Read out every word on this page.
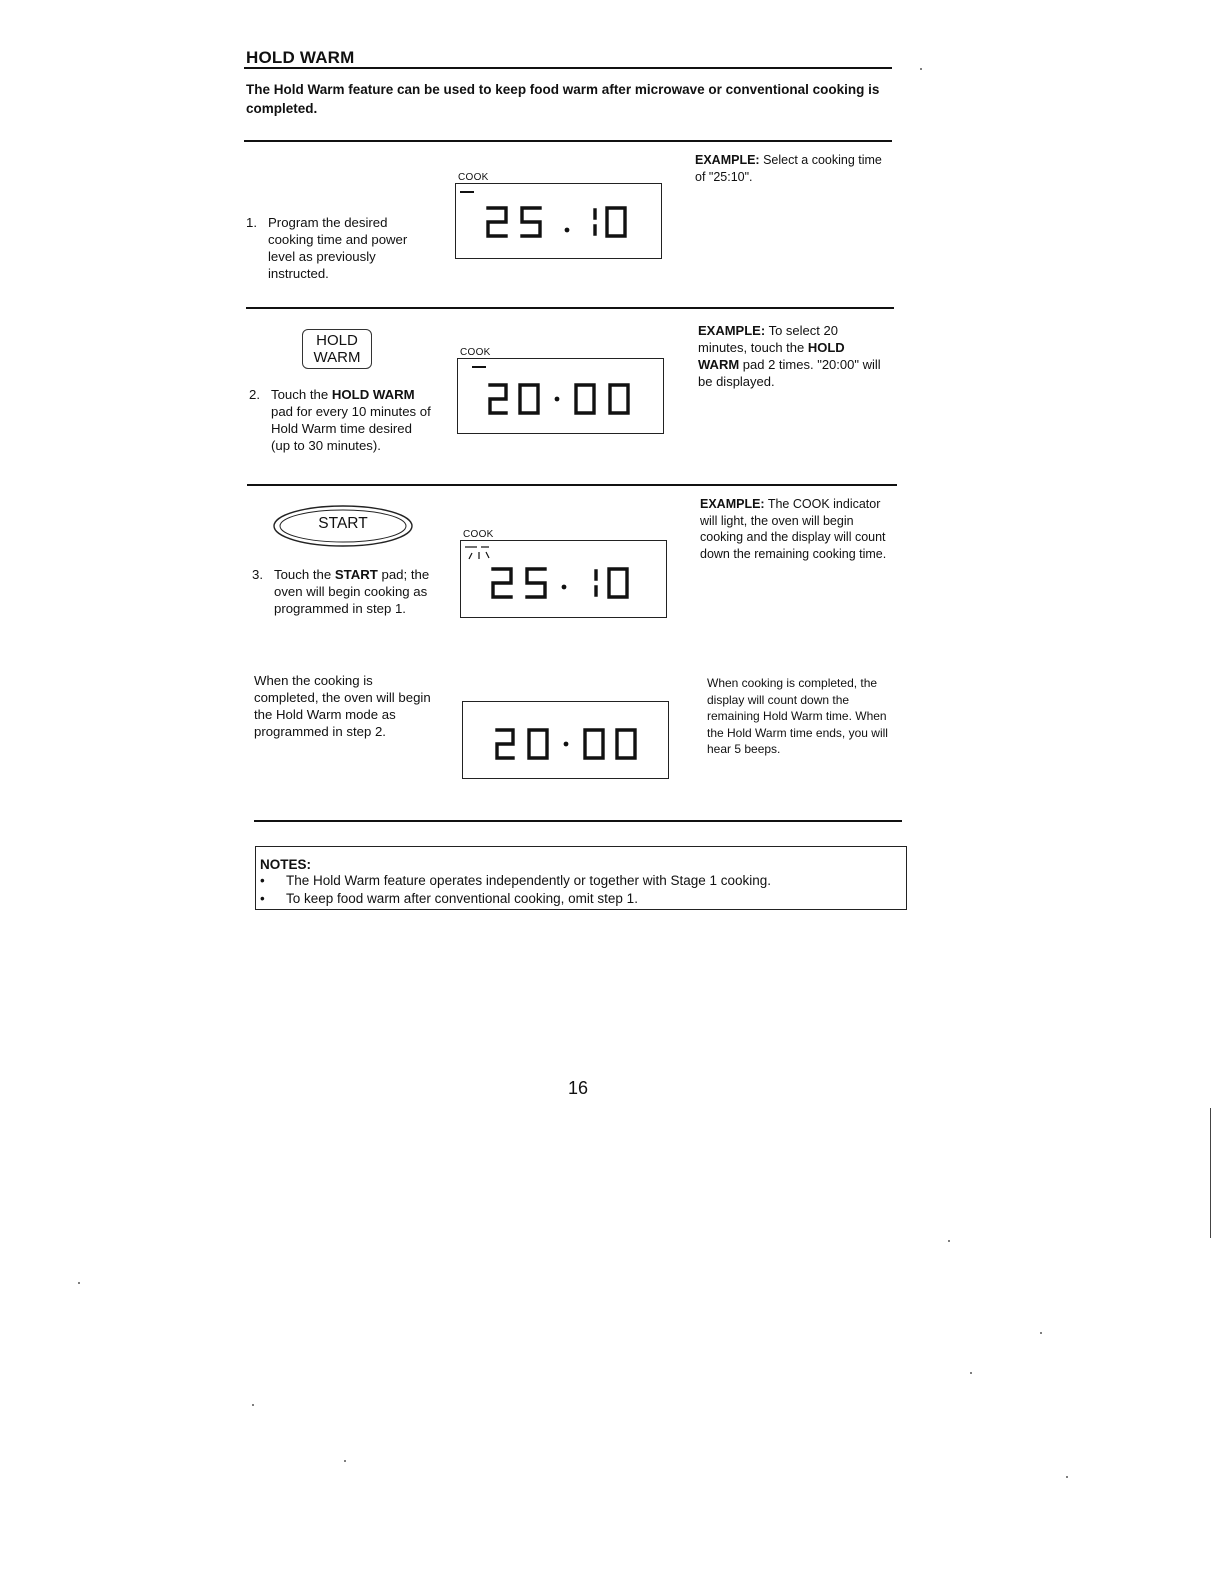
HOLD WARM
The Hold Warm feature can be used to keep food warm after microwave or conventional cooking is completed.
1. Program the desired cooking time and power level as previously instructed.
COOK
EXAMPLE: Select a cooking time of "25:10".
HOLD
WARM
2. Touch the HOLD WARM pad for every 10 minutes of Hold Warm time desired (up to 30 minutes).
COOK
EXAMPLE: To select 20 minutes, touch the HOLD WARM pad 2 times. "20:00" will be displayed.
START
3. Touch the START pad; the oven will begin cooking as programmed in step 1.
COOK
EXAMPLE: The COOK indicator will light, the oven will begin cooking and the display will count down the remaining cooking time.
When the cooking is completed, the oven will begin the Hold Warm mode as programmed in step 2.
When cooking is completed, the display will count down the remaining Hold Warm time. When the Hold Warm time ends, you will hear 5 beeps.
NOTES:
• The Hold Warm feature operates independently or together with Stage 1 cooking.
• To keep food warm after conventional cooking, omit step 1.
16
